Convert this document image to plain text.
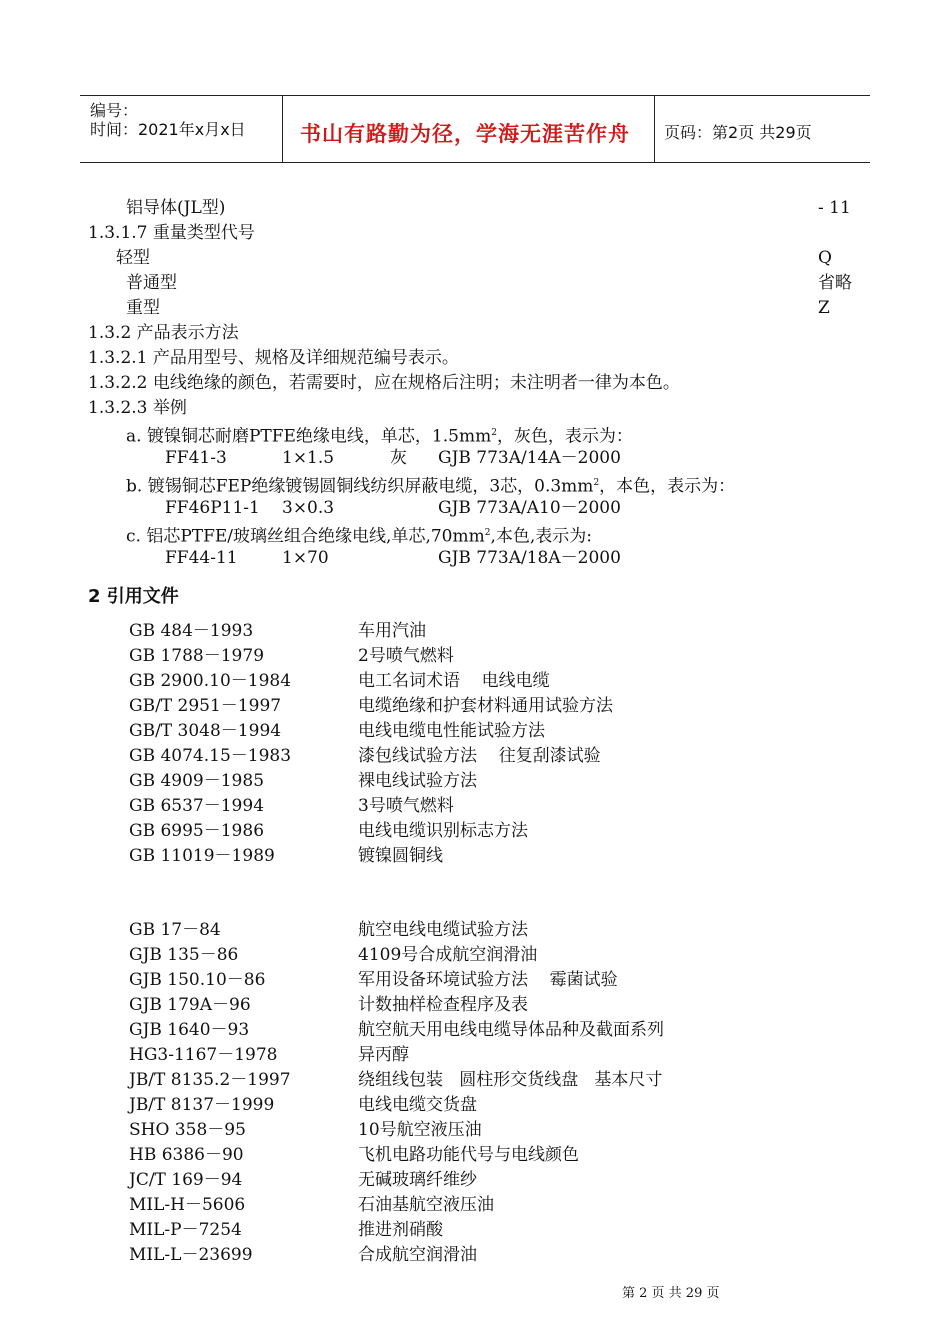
编号：
时间：2021年x月x日	书山有路勤为径，学海无涯苦作舟 页码：第2页 共29页
铝导体(JL型)	- 11
1.3.1.7 重量类型代号
轻型	Q
普通型	省略
重型	Z
1.3.2 产品表示方法
1.3.2.1 产品用型号、规格及详细规范编号表示。
1.3.2.2 电线绝缘的颜色，若需要时，应在规格后注明；未注明者一律为本色。
1.3.2.3 举例
a. 镀镍铜芯耐磨PTFE绝缘电线，单芯，$1.5mm^2$，灰色，表示为：
FF41-3	1×1.5	灰 GJB 773A/14A－2000
b. 镀锡铜芯FEP绝缘镀锡圆铜线纺织屏蔽电缆，3芯，$0.3mm^2$，本色，表示为：
FF46P11-1 3×0.3	GJB 773A/A10－2000
c. 铝芯PTFE/玻璃丝组合绝缘电线,单芯$,70mm^2$,本色,表示为:
FF44-11	1×70	GJB 773A/18A－2000
2 引用文件
GB 484－1993	车用汽油
GB 1788－1979	2号喷气燃料
GB 2900.10－1984	电工名词术语    电线电缆
GB/T 2951－1997	电缆绝缘和护套材料通用试验方法
GB/T 3048－1994	电线电缆电性能试验方法
GB 4074.15－1983	漆包线试验方法    往复刮漆试验
GB 4909－1985	裸电线试验方法
GB 6537－1994	3号喷气燃料
GB 6995－1986	电线电缆识别标志方法
GB 11019－1989	镀镍圆铜线
GB 17－84	航空电线电缆试验方法
GJB 135－86	4109号合成航空润滑油
GJB 150.10－86	军用设备环境试验方法    霉菌试验
GJB 179A－96	计数抽样检查程序及表
GJB 1640－93	航空航天用电线电缆导体品种及截面系列
HG3-1167－1978	异丙醇
JB/T 8135.2－1997	绕组线包装   圆柱形交货线盘   基本尺寸
JB/T 8137－1999	电线电缆交货盘
SHO 358－95	10号航空液压油
HB 6386－90	飞机电路功能代号与电线颜色
JC/T 169－94	无碱玻璃纤维纱
MIL-H－5606	石油基航空液压油
MIL-P－7254	推进剂硝酸
MIL-L－23699	合成航空润滑油
第 2 页 共 29 页
